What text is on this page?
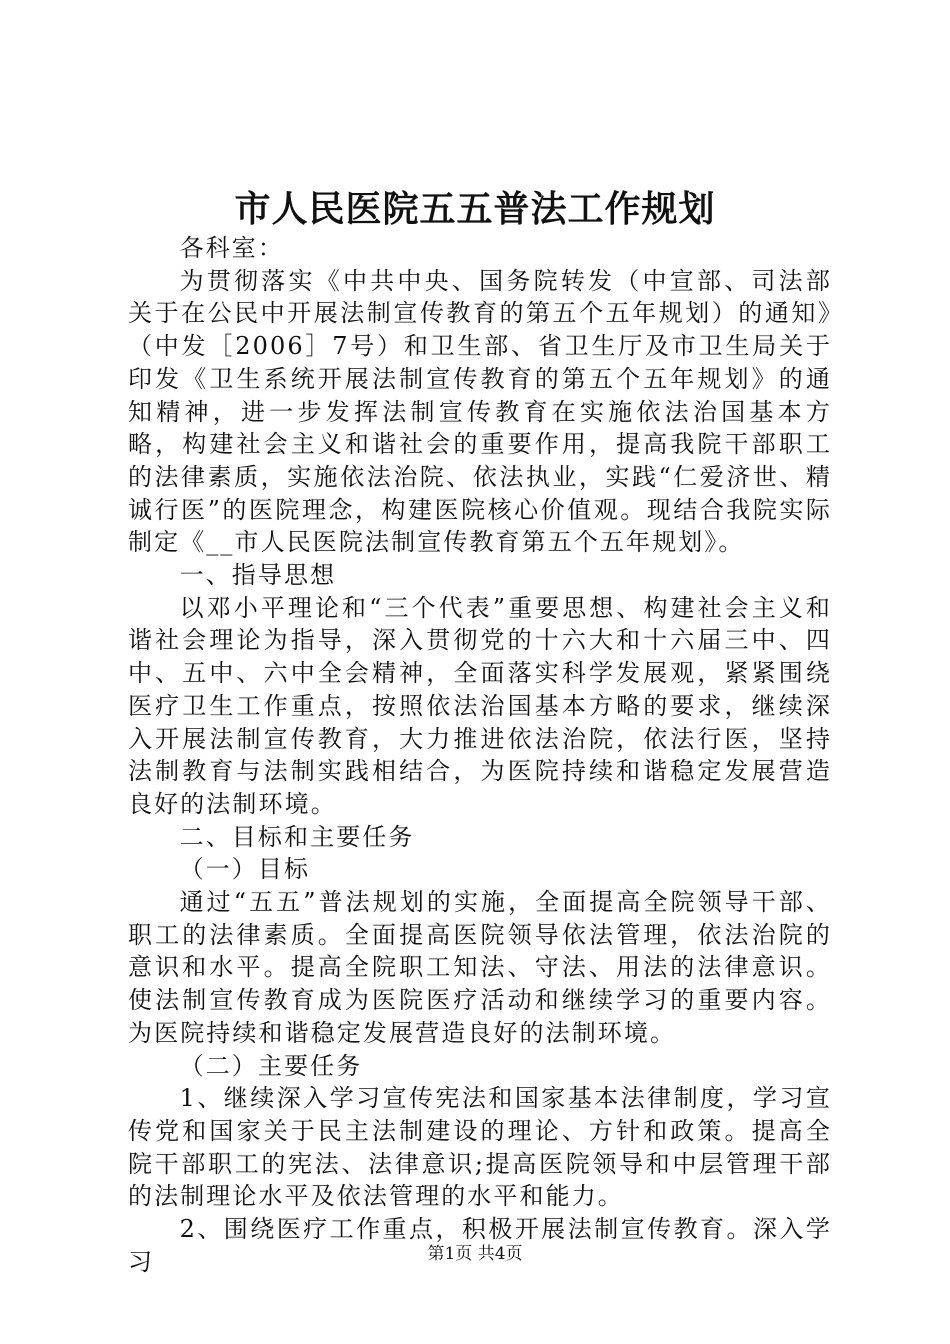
市人民医院五五普法工作规划

各科室：

为贯彻落实《中共中央、国务院转发（中宣部、司法部关于在公民中开展法制宣传教育的第五个五年规划）的通知》（中发［2006］7号）和卫生部、省卫生厅及市卫生局关于印发《卫生系统开展法制宣传教育的第五个五年规划》的通知精神，进一步发挥法制宣传教育在实施依法治国基本方略，构建社会主义和谐社会的重要作用，提高我院干部职工的法律素质，实施依法治院、依法执业，实践“仁爱济世、精诚行医”的医院理念，构建医院核心价值观。现结合我院实际制定《__市人民医院法制宣传教育第五个五年规划》。

一、指导思想

以邓小平理论和“三个代表”重要思想、构建社会主义和谐社会理论为指导，深入贯彻党的十六大和十六届三中、四中、五中、六中全会精神，全面落实科学发展观，紧紧围绕医疗卫生工作重点，按照依法治国基本方略的要求，继续深入开展法制宣传教育，大力推进依法治院，依法行医，坚持法制教育与法制实践相结合，为医院持续和谐稳定发展营造良好的法制环境。

二、目标和主要任务

（一）目标

通过“五五”普法规划的实施，全面提高全院领导干部、职工的法律素质。全面提高医院领导依法管理，依法治院的意识和水平。提高全院职工知法、守法、用法的法律意识。使法制宣传教育成为医院医疗活动和继续学习的重要内容。为医院持续和谐稳定发展营造良好的法制环境。

（二）主要任务

1、继续深入学习宣传宪法和国家基本法律制度，学习宣传党和国家关于民主法制建设的理论、方针和政策。提高全院干部职工的宪法、法律意识;提高医院领导和中层管理干部的法制理论水平及依法管理的水平和能力。

2、围绕医疗工作重点，积极开展法制宣传教育。深入学习	第1页 共4页
